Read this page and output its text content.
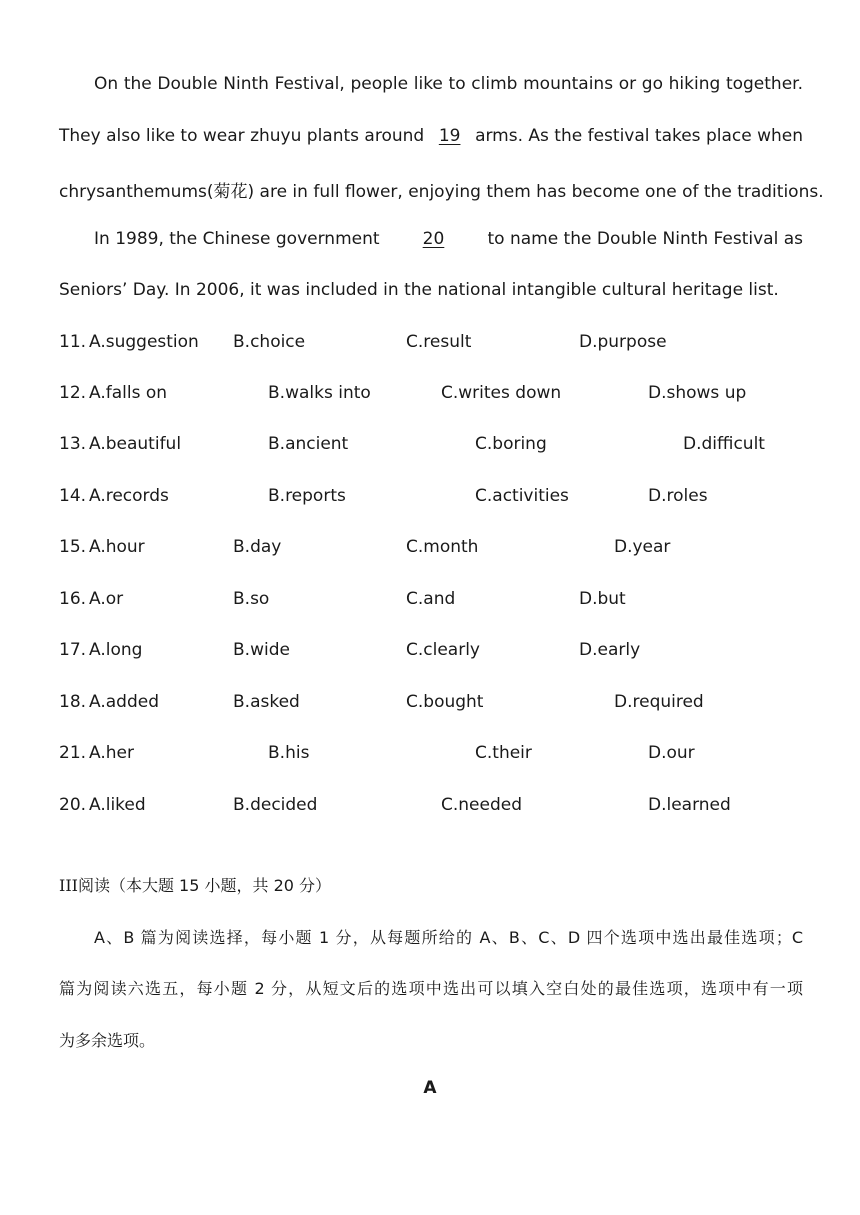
On the Double Ninth Festival, people like to climb mountains or go hiking together.
They also like to wear zhuyu plants around 19 arms. As the festival takes place when
chrysanthemums(菊花) are in full flower, enjoying them has become one of the traditions.
In 1989, the Chinese government	20	to name the Double Ninth Festival as
Seniors’ Day. In 2006, it was included in the national intangible cultural heritage list.
11. A.suggestion B.choice	C.result	D.purpose
12. A.falls on	B.walks into	C.writes down	D.shows up
13. A.beautiful	B.ancient	C.boring	D.difficult
14. A.records	B.reports	C.activities	D.roles
15. A.hour	B.day	C.month	D.year
16. A.or	B.so	C.and	D.but
17. A.long	B.wide	C.clearly	D.early
18. A.added	B.asked	C.bought	D.required
21. A.her	B.his	C.their	D.our
20. A.liked	B.decided	C.needed	D.learned
III阅读（本大题 15 小题，共 20 分）
A、B 篇为阅读选择，每小题 1 分，从每题所给的 A、B、C、D 四个选项中选出最佳选项；C
篇为阅读六选五，每小题 2 分，从短文后的选项中选出可以填入空白处的最佳选项，选项中有一项
为多余选项。
A
